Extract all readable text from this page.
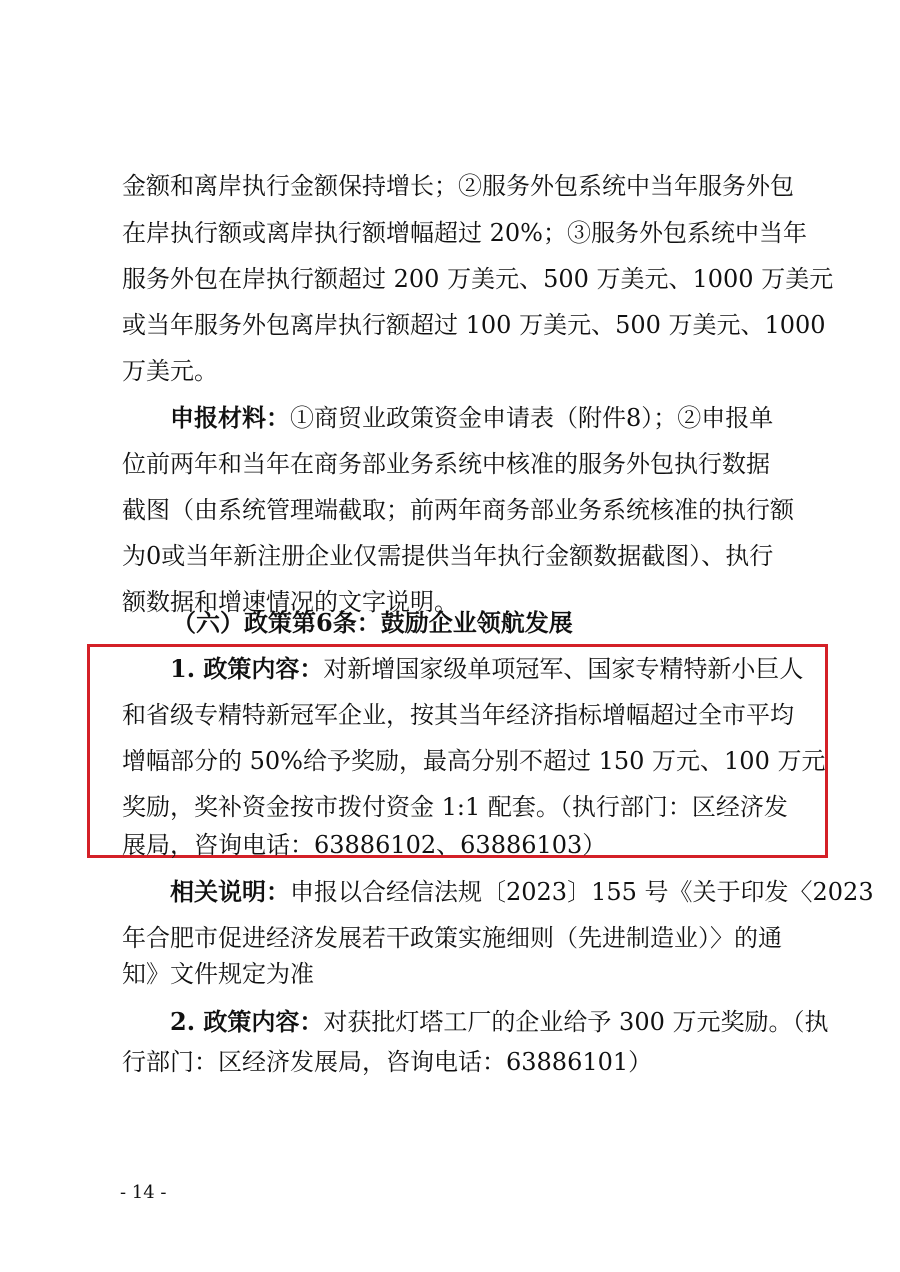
金额和离岸执行金额保持增长；②服务外包系统中当年服务外包
在岸执行额或离岸执行额增幅超过 20%；③服务外包系统中当年
服务外包在岸执行额超过 200 万美元、500 万美元、1000 万美元
或当年服务外包离岸执行额超过 100 万美元、500 万美元、1000
万美元。
申报材料：①商贸业政策资金申请表（附件8）；②申报单
位前两年和当年在商务部业务系统中核准的服务外包执行数据
截图（由系统管理端截取；前两年商务部业务系统核准的执行额
为0或当年新注册企业仅需提供当年执行金额数据截图）、执行
额数据和增速情况的文字说明。
（六）政策第6条：鼓励企业领航发展
1. 政策内容：对新增国家级单项冠军、国家专精特新小巨人
和省级专精特新冠军企业，按其当年经济指标增幅超过全市平均
增幅部分的 50%给予奖励，最高分别不超过 150 万元、100 万元
奖励，奖补资金按市拨付资金 1:1 配套。（执行部门：区经济发
展局，咨询电话：63886102、63886103）
相关说明：申报以合经信法规〔2023〕155 号《关于印发〈2023
年合肥市促进经济发展若干政策实施细则（先进制造业）〉的通
知》文件规定为准
2. 政策内容：对获批灯塔工厂的企业给予 300 万元奖励。（执
行部门：区经济发展局，咨询电话：63886101）
- 14 -
